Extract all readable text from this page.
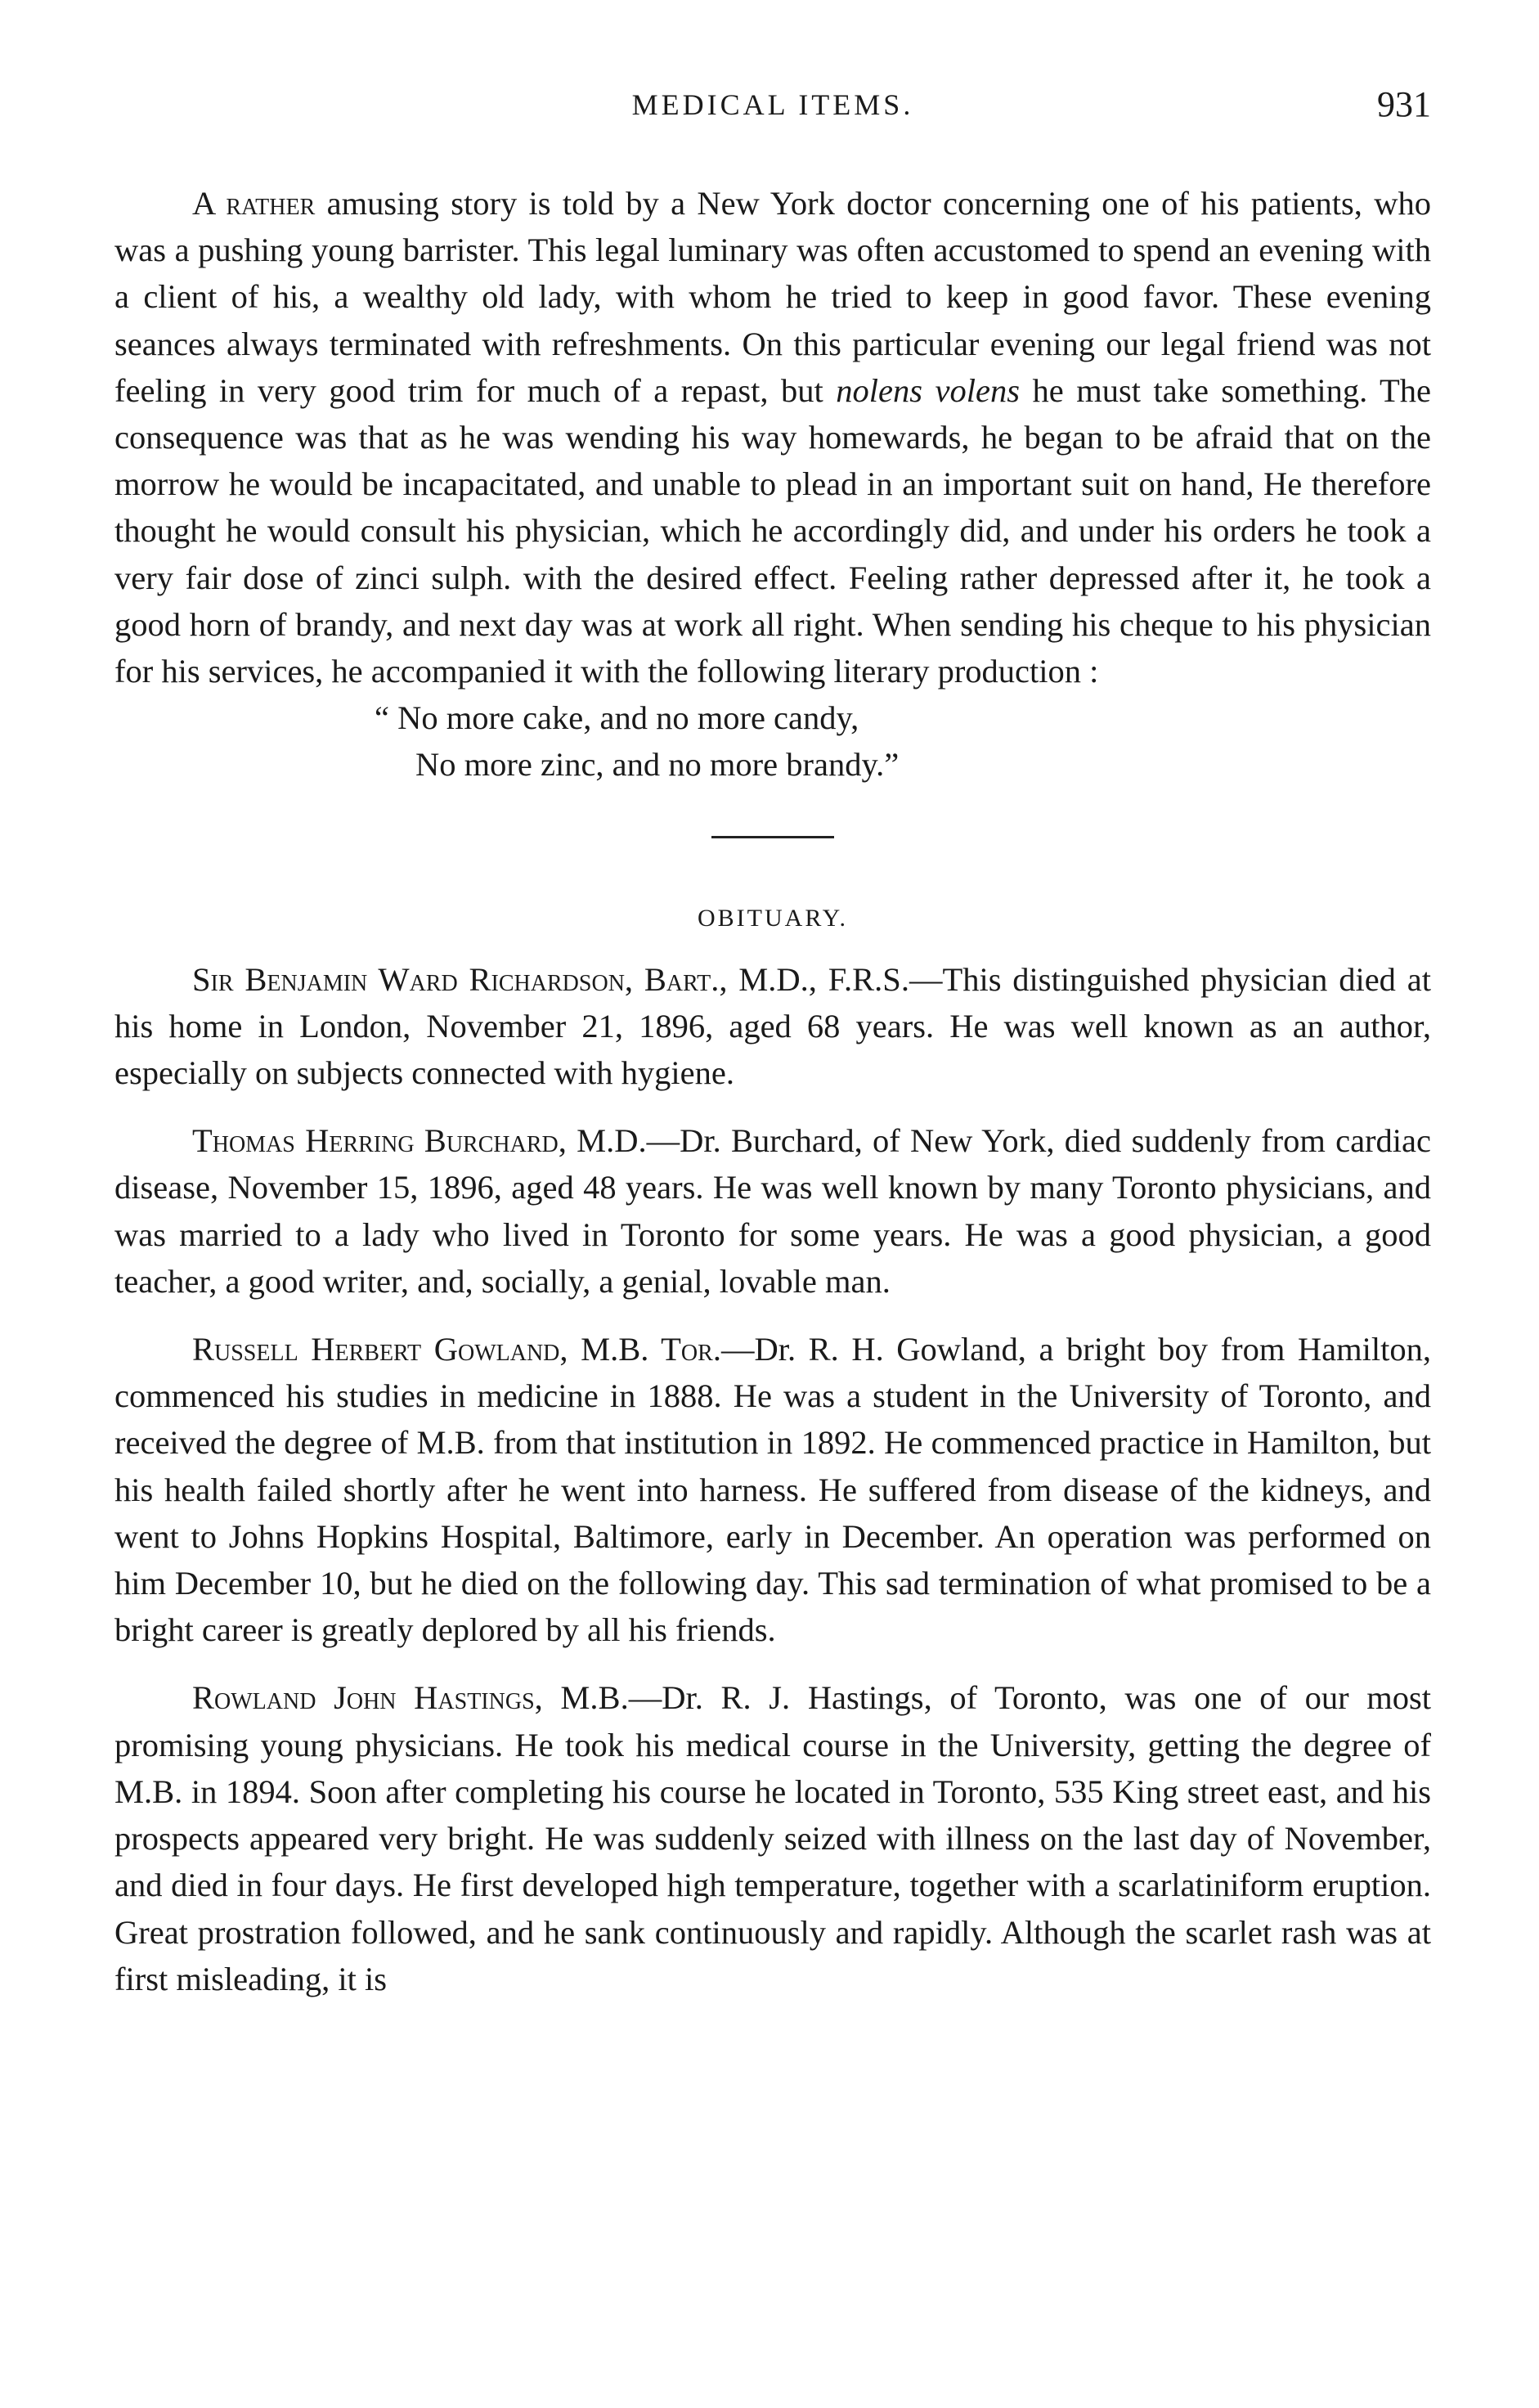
MEDICAL ITEMS.	931

A rather amusing story is told by a New York doctor concerning one of his patients, who was a pushing young barrister. This legal luminary was often accustomed to spend an evening with a client of his, a wealthy old lady, with whom he tried to keep in good favor. These evening seances always terminated with refreshments. On this particular evening our legal friend was not feeling in very good trim for much of a repast, but nolens volens he must take something. The consequence was that as he was wending his way homewards, he began to be afraid that on the morrow he would be incapacitated, and unable to plead in an important suit on hand, He therefore thought he would consult his physician, which he accordingly did, and under his orders he took a very fair dose of zinci sulph. with the desired effect. Feeling rather depressed after it, he took a good horn of brandy, and next day was at work all right. When sending his cheque to his physician for his services, he accompanied it with the following literary production :

“ No more cake, and no more candy,
No more zinc, and no more brandy.”
OBITUARY.

Sir Benjamin Ward Richardson, Bart., M.D., F.R.S.—This distinguished physician died at his home in London, November 21, 1896, aged 68 years. He was well known as an author, especially on subjects connected with hygiene.

Thomas Herring Burchard, M.D.—Dr. Burchard, of New York, died suddenly from cardiac disease, November 15, 1896, aged 48 years. He was well known by many Toronto physicians, and was married to a lady who lived in Toronto for some years. He was a good physician, a good teacher, a good writer, and, socially, a genial, lovable man.

Russell Herbert Gowland, M.B. Tor.—Dr. R. H. Gowland, a bright boy from Hamilton, commenced his studies in medicine in 1888. He was a student in the University of Toronto, and received the degree of M.B. from that institution in 1892. He commenced practice in Hamilton, but his health failed shortly after he went into harness. He suffered from disease of the kidneys, and went to Johns Hopkins Hospital, Baltimore, early in December. An operation was performed on him December 10, but he died on the following day. This sad termination of what promised to be a bright career is greatly deplored by all his friends.

Rowland John Hastings, M.B.—Dr. R. J. Hastings, of Toronto, was one of our most promising young physicians. He took his medical course in the University, getting the degree of M.B. in 1894. Soon after completing his course he located in Toronto, 535 King street east, and his prospects appeared very bright. He was suddenly seized with illness on the last day of November, and died in four days. He first developed high temperature, together with a scarlatiniform eruption. Great prostration followed, and he sank continuously and rapidly. Although the scarlet rash was at first misleading, it is
